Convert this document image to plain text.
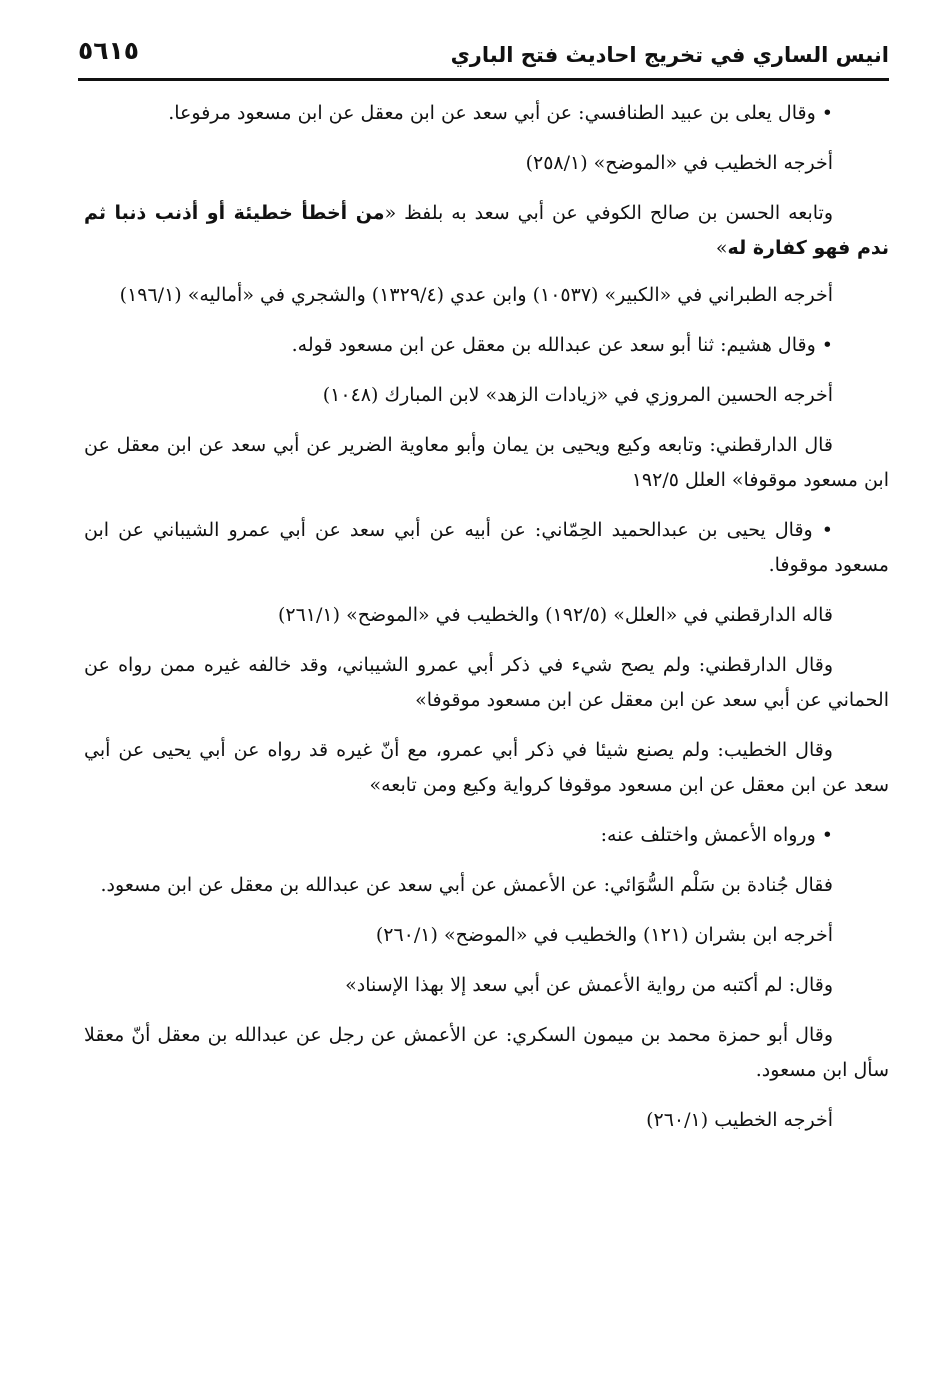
انيس الساري في تخريج احاديث فتح الباري
٥٦١٥

• وقال يعلى بن عبيد الطنافسي: عن أبي سعد عن ابن معقل عن ابن مسعود مرفوعا.

أخرجه الخطيب في «الموضح» (٢٥٨/١)

وتابعه الحسن بن صالح الكوفي عن أبي سعد به بلفظ «من أخطأ خطيئة أو أذنب ذنبا ثم ندم فهو كفارة له»

أخرجه الطبراني في «الكبير» (١٠٥٣٧) وابن عدي (١٣٢٩/٤) والشجري في «أماليه» (١٩٦/١)

• وقال هشيم: ثنا أبو سعد عن عبدالله بن معقل عن ابن مسعود قوله.

أخرجه الحسين المروزي في «زيادات الزهد» لابن المبارك (١٠٤٨)

قال الدارقطني: وتابعه وكيع ويحيى بن يمان وأبو معاوية الضرير عن أبي سعد عن ابن معقل عن ابن مسعود موقوفا» العلل ١٩٢/٥

• وقال يحيى بن عبدالحميد الحِمّاني: عن أبيه عن أبي سعد عن أبي عمرو الشيباني عن ابن مسعود موقوفا.

قاله الدارقطني في «العلل» (١٩٢/٥) والخطيب في «الموضح» (٢٦١/١)

وقال الدارقطني: ولم يصح شيء في ذكر أبي عمرو الشيباني، وقد خالفه غيره ممن رواه عن الحماني عن أبي سعد عن ابن معقل عن ابن مسعود موقوفا»

وقال الخطيب: ولم يصنع شيئا في ذكر أبي عمرو، مع أنّ غيره قد رواه عن أبي يحيى عن أبي سعد عن ابن معقل عن ابن مسعود موقوفا كرواية وكيع ومن تابعه»

• ورواه الأعمش واختلف عنه:

فقال جُنادة بن سَلْم السُّوَائي: عن الأعمش عن أبي سعد عن عبدالله بن معقل عن ابن مسعود.

أخرجه ابن بشران (١٢١) والخطيب في «الموضح» (٢٦٠/١)

وقال: لم أكتبه من رواية الأعمش عن أبي سعد إلا بهذا الإسناد»

وقال أبو حمزة محمد بن ميمون السكري: عن الأعمش عن رجل عن عبدالله بن معقل أنّ معقلا سأل ابن مسعود.

أخرجه الخطيب (٢٦٠/١)
